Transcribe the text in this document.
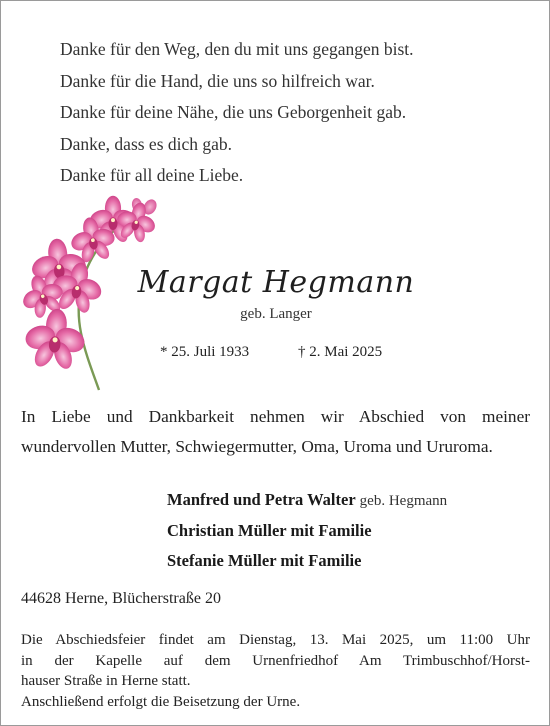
Danke für den Weg, den du mit uns gegangen bist.
Danke für die Hand, die uns so hilfreich war.
Danke für deine Nähe, die uns Geborgenheit gab.
Danke, dass es dich gab.
Danke für all deine Liebe.
Margat Hegmann
geb. Langer
* 25. Juli 1933	† 2. Mai 2025
In Liebe und Dankbarkeit nehmen wir Abschied von meiner wundervollen Mutter, Schwiegermutter, Oma, Uroma und Ururoma.
Manfred und Petra Walter geb. Hegmann
Christian Müller mit Familie
Stefanie Müller mit Familie
44628 Herne, Blücherstraße 20
Die Abschiedsfeier findet am Dienstag, 13. Mai 2025, um 11:00 Uhr
in der Kapelle auf dem Urnenfriedhof Am Trimbuschhof/Horst-
hauser Straße in Herne statt.
Anschließend erfolgt die Beisetzung der Urne.
